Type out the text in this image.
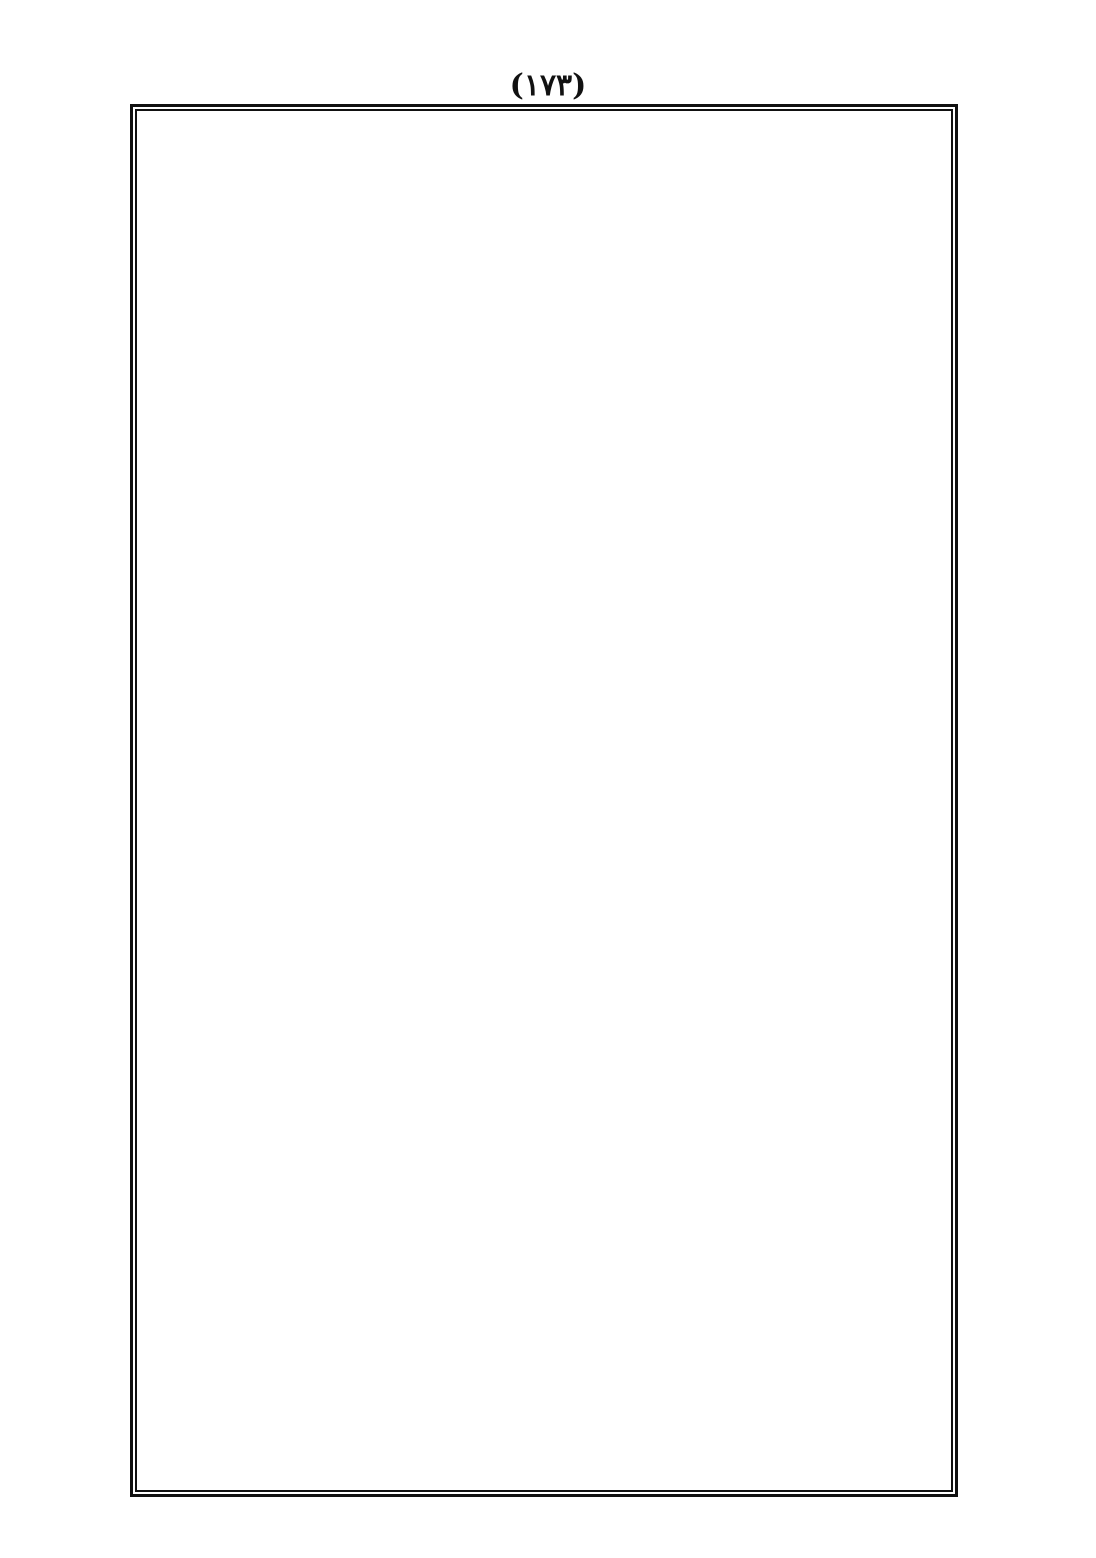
(١٧٣)
